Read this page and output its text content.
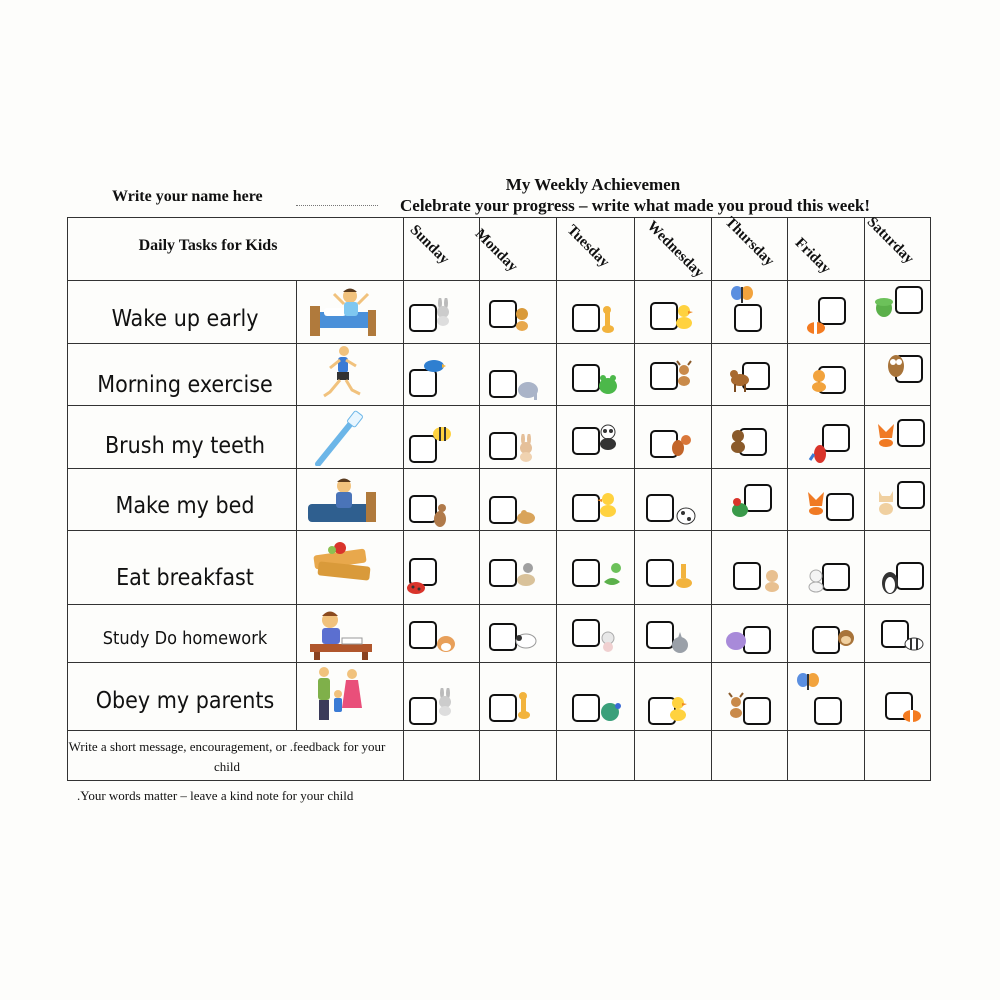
Write your name here
My Weekly Achievemen
Celebrate your progress – write what made you proud this week!
Daily Tasks for Kids	Sunday Monday	Tuesday Wednesday Thursday Friday Saturday
Wake up early
Morning exercise
Brush my teeth
Make my bed
Eat breakfast
Study Do homework
Obey my parents
Write a short message, encouragement, or .feedback for your child
.Your words matter – leave a kind note for your child
